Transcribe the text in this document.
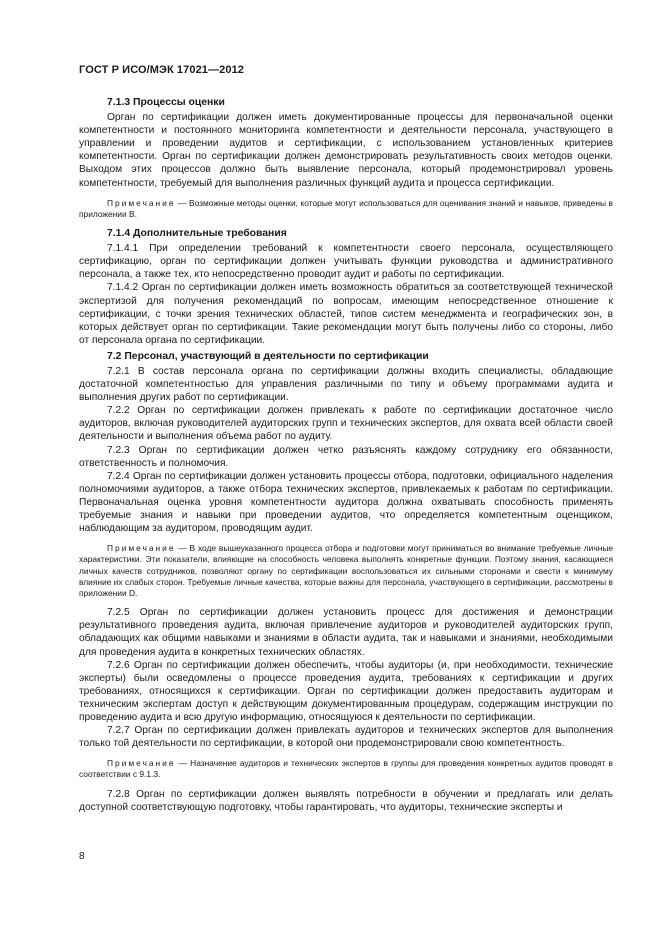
ГОСТ Р ИСО/МЭК 17021—2012
7.1.3 Процессы оценки
Орган по сертификации должен иметь документированные процессы для первоначальной оценки компетентности и постоянного мониторинга компетентности и деятельности персонала, участвующего в управлении и проведении аудитов и сертификации, с использованием установленных критериев компетентности. Орган по сертификации должен демонстрировать результативность своих методов оценки. Выходом этих процессов должно быть выявление персонала, который продемонстрировал уровень компетентности, требуемый для выполнения различных функций аудита и процесса сертификации.
Примечание — Возможные методы оценки, которые могут использоваться для оценивания знаний и навыков, приведены в приложении В.
7.1.4 Дополнительные требования
7.1.4.1 При определении требований к компетентности своего персонала, осуществляющего сертификацию, орган по сертификации должен учитывать функции руководства и административного персонала, а также тех, кто непосредственно проводит аудит и работы по сертификации.
7.1.4.2 Орган по сертификации должен иметь возможность обратиться за соответствующей технической экспертизой для получения рекомендаций по вопросам, имеющим непосредственное отношение к сертификации, с точки зрения технических областей, типов систем менеджмента и географических зон, в которых действует орган по сертификации. Такие рекомендации могут быть получены либо со стороны, либо от персонала органа по сертификации.
7.2 Персонал, участвующий в деятельности по сертификации
7.2.1 В состав персонала органа по сертификации должны входить специалисты, обладающие достаточной компетентностью для управления различными по типу и объему программами аудита и выполнения других работ по сертификации.
7.2.2 Орган по сертификации должен привлекать к работе по сертификации достаточное число аудиторов, включая руководителей аудиторских групп и технических экспертов, для охвата всей области своей деятельности и выполнения объема работ по аудиту.
7.2.3 Орган по сертификации должен четко разъяснять каждому сотруднику его обязанности, ответственность и полномочия.
7.2.4 Орган по сертификации должен установить процессы отбора, подготовки, официального наделения полномочиями аудиторов, а также отбора технических экспертов, привлекаемых к работам по сертификации. Первоначальная оценка уровня компетентности аудитора должна охватывать способность применять требуемые знания и навыки при проведении аудитов, что определяется компетентным оценщиком, наблюдающим за аудитором, проводящим аудит.
Примечание — В ходе вышеуказанного процесса отбора и подготовки могут приниматься во внимание требуемые личные характеристики. Эти показатели, влияющие на способность человека выполнять конкретные функции. Поэтому знания, касающиеся личных качеств сотрудников, позволяют органу по сертификации воспользоваться их сильными сторонами и свести к минимуму влияние их слабых сторон. Требуемые личные качества, которые важны для персонала, участвующего в сертификации, рассмотрены в приложении D.
7.2.5 Орган по сертификации должен установить процесс для достижения и демонстрации результативного проведения аудита, включая привлечение аудиторов и руководителей аудиторских групп, обладающих как общими навыками и знаниями в области аудита, так и навыками и знаниями, необходимыми для проведения аудита в конкретных технических областях.
7.2.6 Орган по сертификации должен обеспечить, чтобы аудиторы (и, при необходимости, технические эксперты) были осведомлены о процессе проведения аудита, требованиях к сертификации и других требованиях, относящихся к сертификации. Орган по сертификации должен предоставить аудиторам и техническим экспертам доступ к действующим документированным процедурам, содержащим инструкции по проведению аудита и всю другую информацию, относящуюся к деятельности по сертификации.
7.2.7 Орган по сертификации должен привлекать аудиторов и технических экспертов для выполнения только той деятельности по сертификации, в которой они продемонстрировали свою компетентность.
Примечание — Назначение аудиторов и технических экспертов в группы для проведения конкретных аудитов проводят в соответствии с 9.1.3.
7.2.8 Орган по сертификации должен выявлять потребности в обучении и предлагать или делать доступной соответствующую подготовку, чтобы гарантировать, что аудиторы, технические эксперты и
8
